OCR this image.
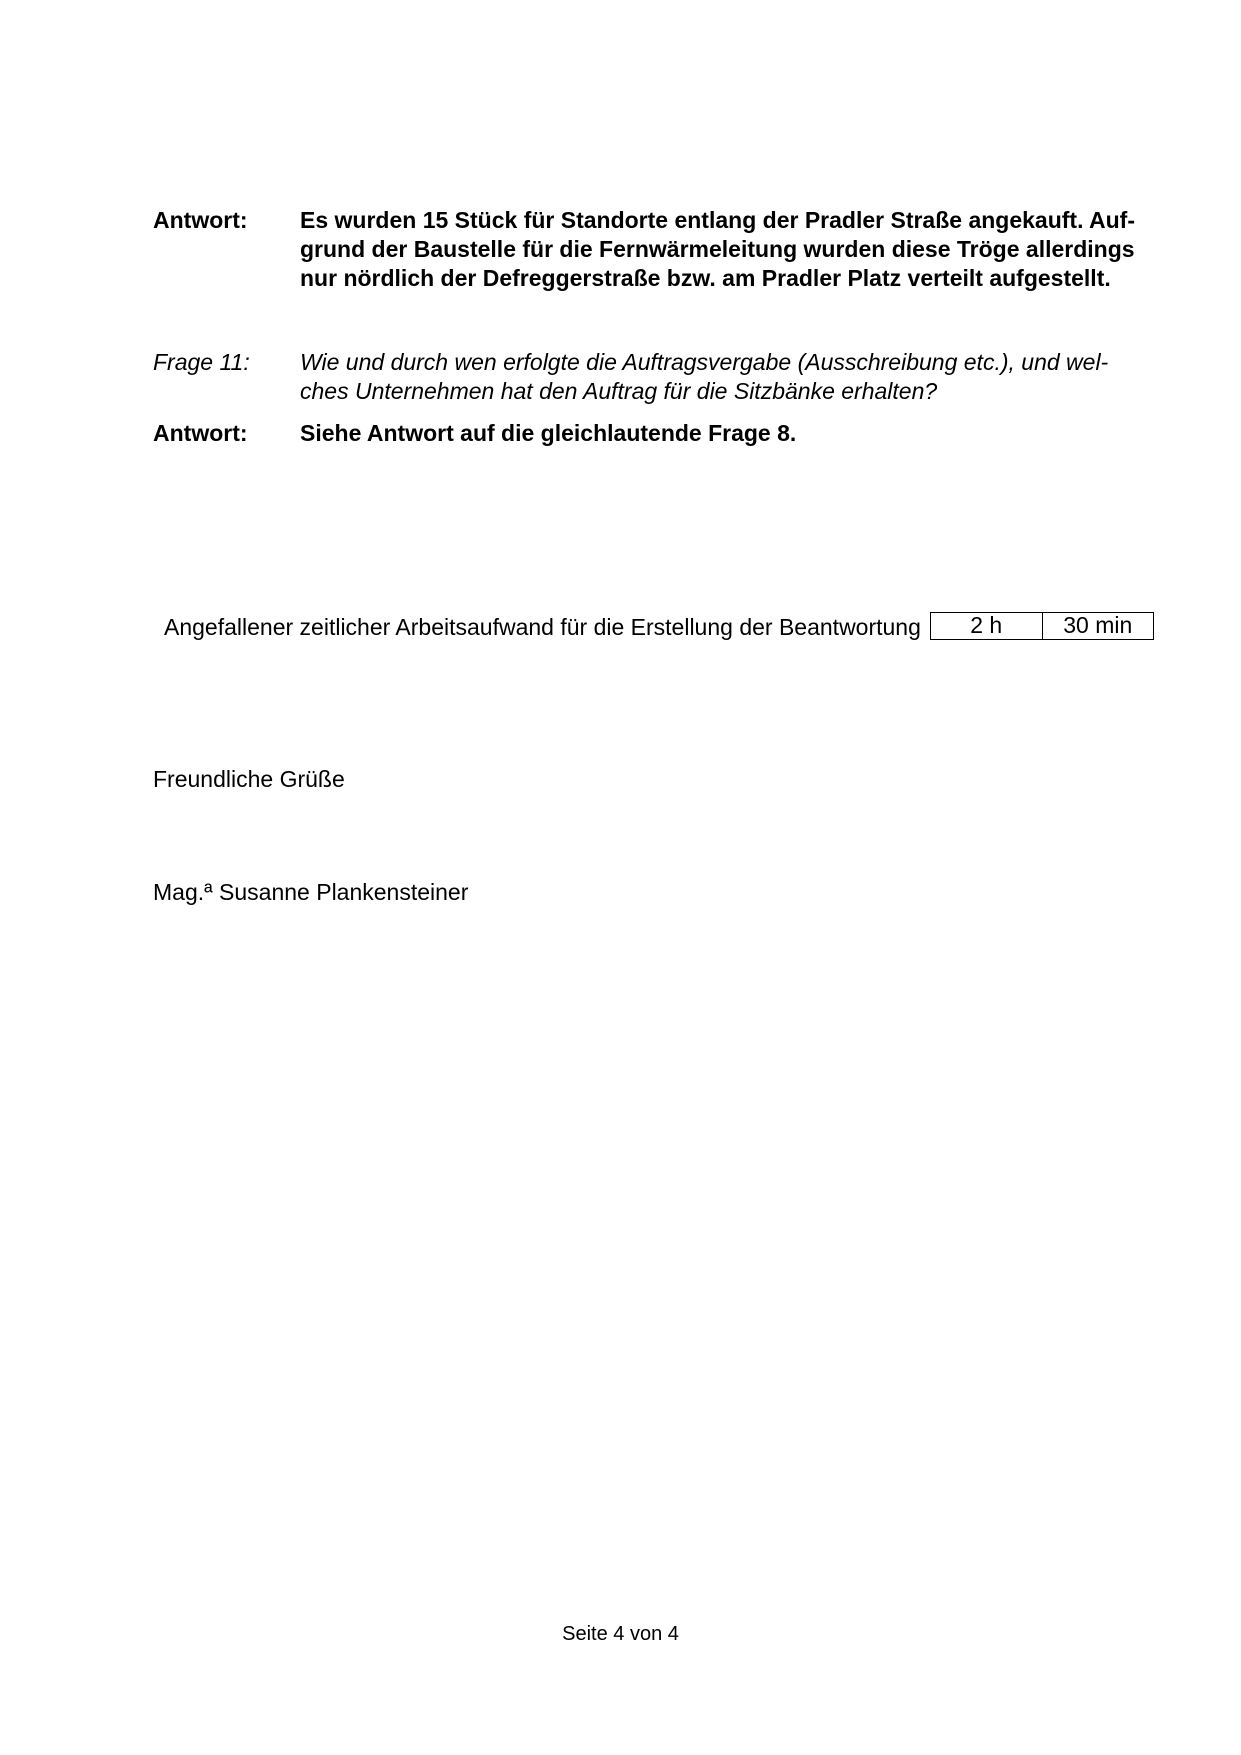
Antwort:	Es wurden 15 Stück für Standorte entlang der Pradler Straße angekauft. Auf-
grund der Baustelle für die Fernwärmeleitung wurden diese Tröge allerdings
nur nördlich der Defreggerstraße bzw. am Pradler Platz verteilt aufgestellt.
Frage 11:	Wie und durch wen erfolgte die Auftragsvergabe (Ausschreibung etc.), und wel-
ches Unternehmen hat den Auftrag für die Sitzbänke erhalten?
Antwort:	Siehe Antwort auf die gleichlautende Frage 8.
Angefallener zeitlicher Arbeitsaufwand für die Erstellung der Beantwortung	2 h	30 min
Freundliche Grüße
Mag.ª Susanne Plankensteiner
Seite 4 von 4
